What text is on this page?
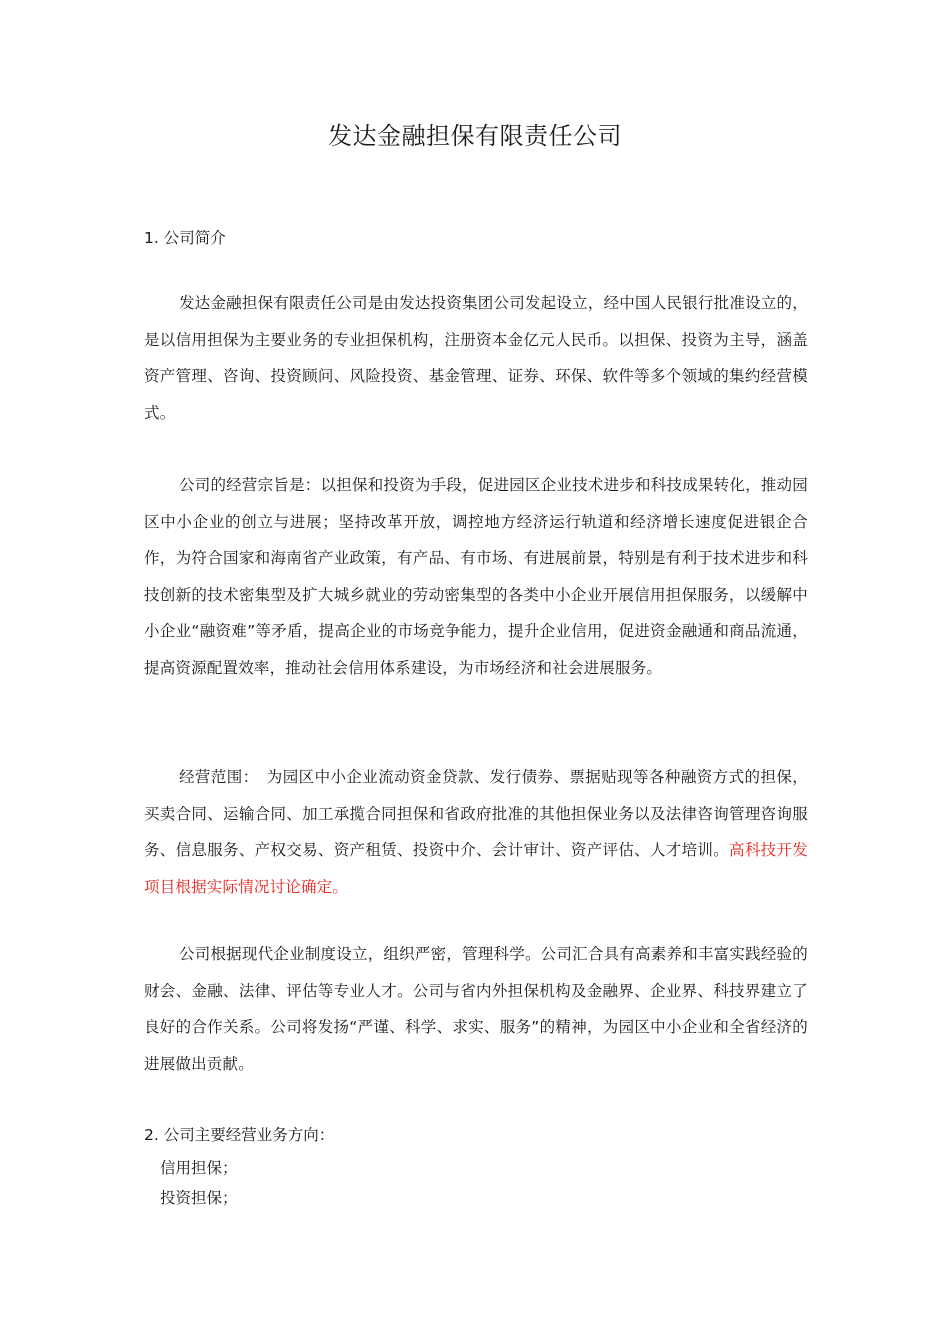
发达金融担保有限责任公司

1. 公司简介

发达金融担保有限责任公司是由发达投资集团公司发起设立，经中国人民银行批准设立的，是以信用担保为主要业务的专业担保机构，注册资本金亿元人民币。以担保、投资为主导，涵盖资产管理、咨询、投资顾问、风险投资、基金管理、证券、环保、软件等多个领域的集约经营模式。

公司的经营宗旨是：以担保和投资为手段，促进园区企业技术进步和科技成果转化，推动园区中小企业的创立与进展；坚持改革开放，调控地方经济运行轨道和经济增长速度促进银企合作，为符合国家和海南省产业政策，有产品、有市场、有进展前景，特别是有利于技术进步和科技创新的技术密集型及扩大城乡就业的劳动密集型的各类中小企业开展信用担保服务，以缓解中小企业“融资难”等矛盾，提高企业的市场竞争能力，提升企业信用，促进资金融通和商品流通，提高资源配置效率，推动社会信用体系建设，为市场经济和社会进展服务。

经营范围：　为园区中小企业流动资金贷款、发行债券、票据贴现等各种融资方式的担保，买卖合同、运输合同、加工承揽合同担保和省政府批准的其他担保业务以及法律咨询管理咨询服务、信息服务、产权交易、资产租赁、投资中介、会计审计、资产评估、人才培训。高科技开发项目根据实际情况讨论确定。

公司根据现代企业制度设立，组织严密，管理科学。公司汇合具有高素养和丰富实践经验的财会、金融、法律、评估等专业人才。公司与省内外担保机构及金融界、企业界、科技界建立了良好的合作关系。公司将发扬“严谨、科学、求实、服务”的精神，为园区中小企业和全省经济的进展做出贡献。

2. 公司主要经营业务方向：

信用担保；
投资担保；
